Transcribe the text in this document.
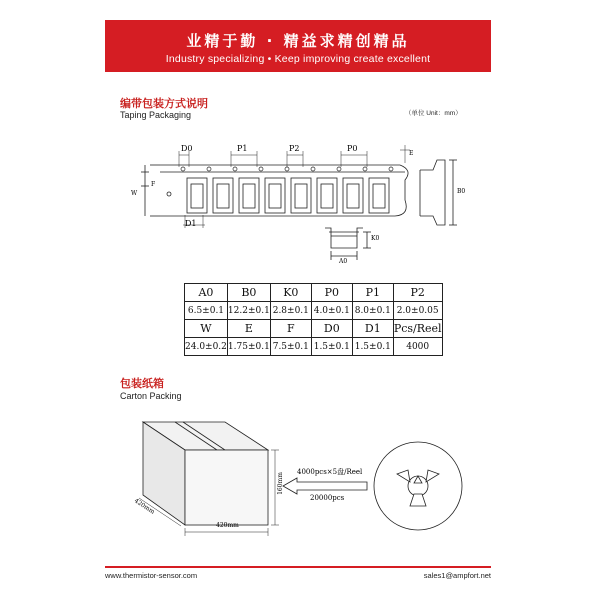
业精于勤 · 精益求精创精品
Industry specializing • Keep improving create excellent
编带包装方式说明
Taping Packaging	（单位 Unit：mm）
D0	P1	P2	P0
D1
A0
K0
B0
W
F
E
A0	B0	K0	P0	P1	P2
6.5±0.1	12.2±0.1	2.8±0.1	4.0±0.1	8.0±0.1	2.0±0.05
W	E	F	D0	D1	Pcs/Reel
24.0±0.2	1.75±0.1	7.5±0.1	1.5±0.1	1.5±0.1	4000
包装纸箱
Carton Packing
420mm
420mm
160mm
4000pcs×5盘/Reel
20000pcs
www.thermistor-sensor.com	sales1@ampfort.net
